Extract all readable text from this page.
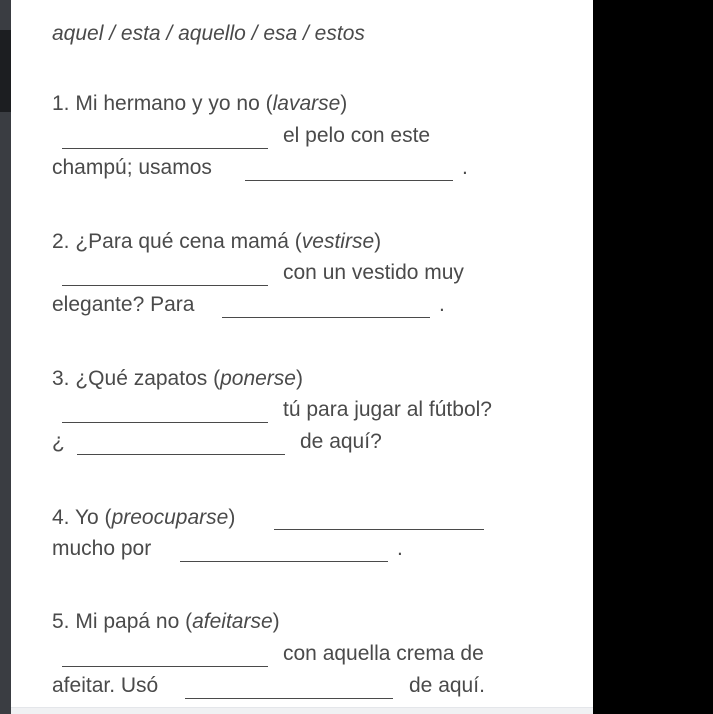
aquel / esta / aquello / esa / estos
1. Mi hermano y yo no (lavarse)
el pelo con este
champú; usamos	.
2. ¿Para qué cena mamá (vestirse)
con un vestido muy
elegante? Para	.
3. ¿Qué zapatos (ponerse)
tú para jugar al fútbol?
¿	de aquí?
4. Yo (preocuparse)
mucho por	.
5. Mi papá no (afeitarse)
con aquella crema de
afeitar. Usó	de aquí.
